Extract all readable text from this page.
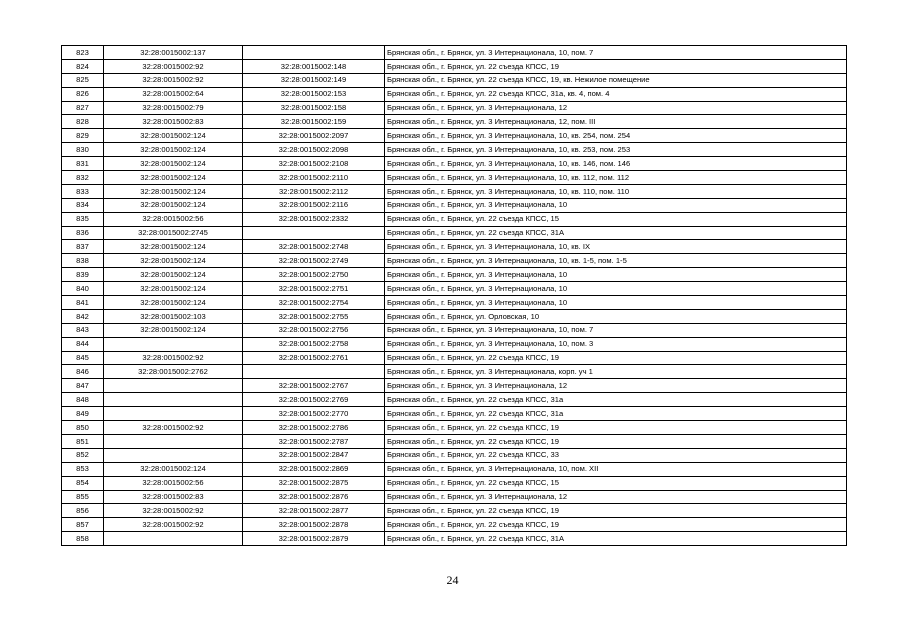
823	32:28:0015002:137		Брянская обл., г. Брянск, ул. 3 Интернационала, 10, пом. 7
824	32:28:0015002:92	32:28:0015002:148	Брянская обл., г. Брянск, ул. 22 съезда КПСС, 19
825	32:28:0015002:92	32:28:0015002:149	Брянская обл., г. Брянск, ул. 22 съезда КПСС, 19, кв. Нежилое помещение
826	32:28:0015002:64	32:28:0015002:153	Брянская обл., г. Брянск, ул. 22 съезда КПСС, 31а, кв. 4, пом. 4
827	32:28:0015002:79	32:28:0015002:158	Брянская обл., г. Брянск, ул. 3 Интернационала, 12
828	32:28:0015002:83	32:28:0015002:159	Брянская обл., г. Брянск, ул. 3 Интернационала, 12, пом. III
829	32:28:0015002:124	32:28:0015002:2097	Брянская обл., г. Брянск, ул. 3 Интернационала, 10, кв. 254, пом. 254
830	32:28:0015002:124	32:28:0015002:2098	Брянская обл., г. Брянск, ул. 3 Интернационала, 10, кв. 253, пом. 253
831	32:28:0015002:124	32:28:0015002:2108	Брянская обл., г. Брянск, ул. 3 Интернационала, 10, кв. 146, пом. 146
832	32:28:0015002:124	32:28:0015002:2110	Брянская обл., г. Брянск, ул. 3 Интернационала, 10, кв. 112, пом. 112
833	32:28:0015002:124	32:28:0015002:2112	Брянская обл., г. Брянск, ул. 3 Интернационала, 10, кв. 110, пом. 110
834	32:28:0015002:124	32:28:0015002:2116	Брянская обл., г. Брянск, ул. 3 Интернационала, 10
835	32:28:0015002:56	32:28:0015002:2332	Брянская обл., г. Брянск, ул. 22 съезда КПСС, 15
836	32:28:0015002:2745		Брянская обл., г. Брянск, ул. 22 съезда КПСС, 31А
837	32:28:0015002:124	32:28:0015002:2748	Брянская обл., г. Брянск, ул. 3 Интернационала, 10, кв. IX
838	32:28:0015002:124	32:28:0015002:2749	Брянская обл., г. Брянск, ул. 3 Интернационала, 10, кв. 1-5, пом. 1-5
839	32:28:0015002:124	32:28:0015002:2750	Брянская обл., г. Брянск, ул. 3 Интернационала, 10
840	32:28:0015002:124	32:28:0015002:2751	Брянская обл., г. Брянск, ул. 3 Интернационала, 10
841	32:28:0015002:124	32:28:0015002:2754	Брянская обл., г. Брянск, ул. 3 Интернационала, 10
842	32:28:0015002:103	32:28:0015002:2755	Брянская обл., г. Брянск, ул. Орловская, 10
843	32:28:0015002:124	32:28:0015002:2756	Брянская обл., г. Брянск, ул. 3 Интернационала, 10, пом. 7
844		32:28:0015002:2758	Брянская обл., г. Брянск, ул. 3 Интернационала, 10, пом. 3
845	32:28:0015002:92	32:28:0015002:2761	Брянская обл., г. Брянск, ул. 22 съезда КПСС, 19
846	32:28:0015002:2762		Брянская обл., г. Брянск, ул. 3 Интернационала, корп. уч 1
847		32:28:0015002:2767	Брянская обл., г. Брянск, ул. 3 Интернационала, 12
848		32:28:0015002:2769	Брянская обл., г. Брянск, ул. 22 съезда КПСС, 31а
849		32:28:0015002:2770	Брянская обл., г. Брянск, ул. 22 съезда КПСС, 31а
850	32:28:0015002:92	32:28:0015002:2786	Брянская обл., г. Брянск, ул. 22 съезда КПСС, 19
851		32:28:0015002:2787	Брянская обл., г. Брянск, ул. 22 съезда КПСС, 19
852		32:28:0015002:2847	Брянская обл., г. Брянск, ул. 22 съезда КПСС, 33
853	32:28:0015002:124	32:28:0015002:2869	Брянская обл., г. Брянск, ул. 3 Интернационала, 10, пом. XII
854	32:28:0015002:56	32:28:0015002:2875	Брянская обл., г. Брянск, ул. 22 съезда КПСС, 15
855	32:28:0015002:83	32:28:0015002:2876	Брянская обл., г. Брянск, ул. 3 Интернационала, 12
856	32:28:0015002:92	32:28:0015002:2877	Брянская обл., г. Брянск, ул. 22 съезда КПСС, 19
857	32:28:0015002:92	32:28:0015002:2878	Брянская обл., г. Брянск, ул. 22 съезда КПСС, 19
858		32:28:0015002:2879	Брянская обл., г. Брянск, ул. 22 съезда КПСС, 31А
24
